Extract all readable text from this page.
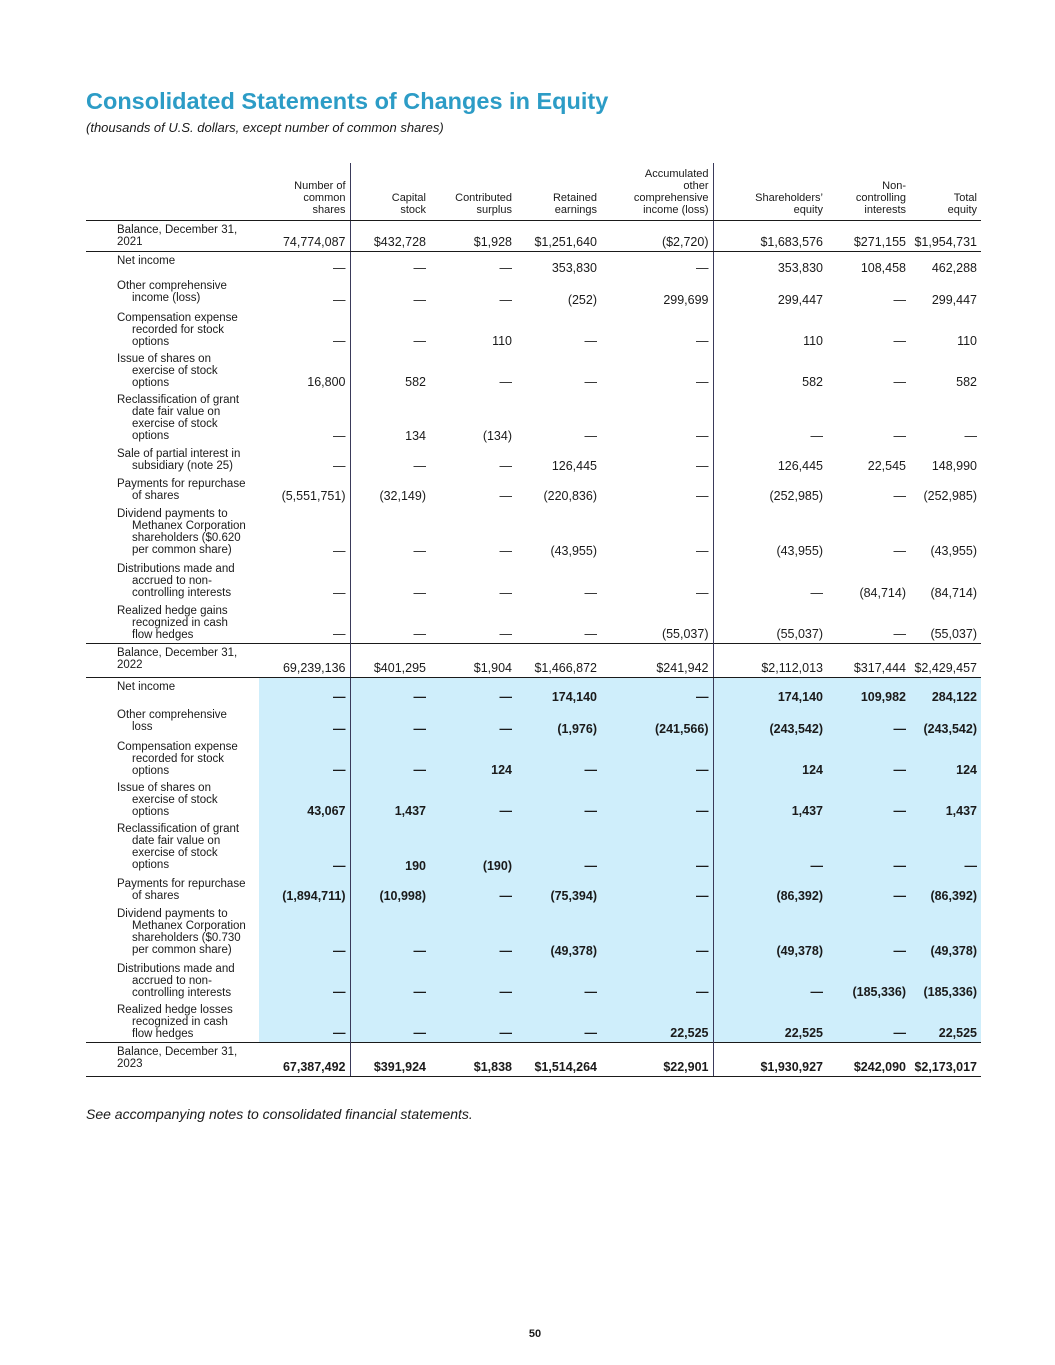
Consolidated Statements of Changes in Equity

(thousands of U.S. dollars, except number of common shares)

	Number of
common
shares	Capital
stock	Contributed
surplus	Retained
earnings	Accumulated
other
comprehensive
income (loss)	Shareholders’
equity	Non-
controlling
interests	Total
equity

Balance, December 31,
2021	74,774,087	$432,728	$1,928	$1,251,640	($2,720)	$1,683,576	$271,155	$1,954,731

Net income	—	—	—	353,830	—	353,830	108,458	462,288

Other comprehensive
income (loss)	—	—	—	(252)	299,699	299,447	—	299,447

Compensation expense
recorded for stock
options	—	—	110	—	—	110	—	110

Issue of shares on
exercise of stock
options	16,800	582	—	—	—	582	—	582

Reclassification of grant
date fair value on
exercise of stock
options	—	134	(134)	—	—	—	—	—

Sale of partial interest in
subsidiary (note 25)	—	—	—	126,445	—	126,445	22,545	148,990

Payments for repurchase
of shares	(5,551,751)	(32,149)	—	(220,836)	—	(252,985)	—	(252,985)

Dividend payments to
Methanex Corporation
shareholders ($0.620
per common share)	—	—	—	(43,955)	—	(43,955)	—	(43,955)

Distributions made and
accrued to non-
controlling interests	—	—	—	—	—	—	(84,714)	(84,714)

Realized hedge gains
recognized in cash
flow hedges	—	—	—	—	(55,037)	(55,037)	—	(55,037)

Balance, December 31,
2022	69,239,136	$401,295	$1,904	$1,466,872	$241,942	$2,112,013	$317,444	$2,429,457

Net income	—	—	—	174,140	—	174,140	109,982	284,122

Other comprehensive
loss	—	—	—	(1,976)	(241,566)	(243,542)	—	(243,542)

Compensation expense
recorded for stock
options	—	—	124	—	—	124	—	124

Issue of shares on
exercise of stock
options	43,067	1,437	—	—	—	1,437	—	1,437

Reclassification of grant
date fair value on
exercise of stock
options	—	190	(190)	—	—	—	—	—

Payments for repurchase
of shares	(1,894,711)	(10,998)	—	(75,394)	—	(86,392)	—	(86,392)

Dividend payments to
Methanex Corporation
shareholders ($0.730
per common share)	—	—	—	(49,378)	—	(49,378)	—	(49,378)

Distributions made and
accrued to non-
controlling interests	—	—	—	—	—	—	(185,336)	(185,336)

Realized hedge losses
recognized in cash
flow hedges	—	—	—	—	22,525	22,525	—	22,525

Balance, December 31,
2023	67,387,492	$391,924	$1,838	$1,514,264	$22,901	$1,930,927	$242,090	$2,173,017

See accompanying notes to consolidated financial statements.

50
